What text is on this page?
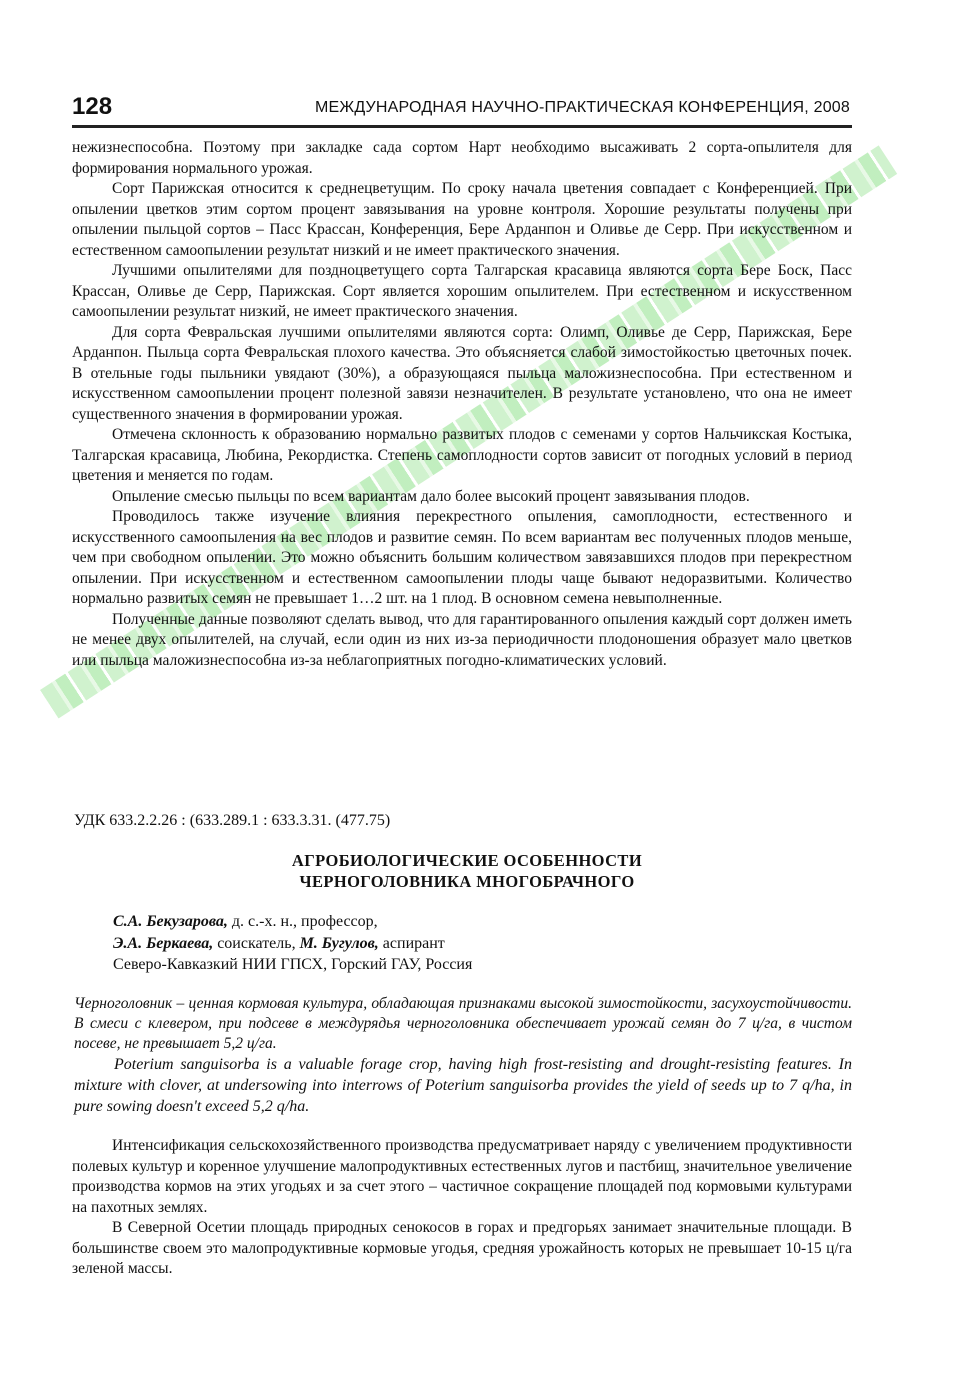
128	МЕЖДУНАРОДНАЯ НАУЧНО-ПРАКТИЧЕСКАЯ КОНФЕРЕНЦИЯ, 2008

нежизнеспособна. Поэтому при закладке сада сортом Нарт необходимо высаживать 2 сорта-опылителя для формирования нормального урожая.

Сорт Парижская относится к среднецветущим. По сроку начала цветения совпадает с Конференцией. При опылении цветков этим сортом процент завязывания на уровне контроля. Хорошие результаты получены при опылении пыльцой сортов – Пасс Крассан, Конференция, Бере Арданпон и Оливье де Серр. При искусственном и естественном самоопылении результат низкий и не имеет практического значения.

Лучшими опылителями для поздноцветущего сорта Талгарская красавица являются сорта Бере Боск, Пасс Крассан, Оливье де Серр, Парижская. Сорт является хорошим опылителем. При естественном и искусственном самоопылении результат низкий, не имеет практического значения.

Для сорта Февральская лучшими опылителями являются сорта: Олимп, Оливье де Серр, Парижская, Бере Арданпон. Пыльца сорта Февральская плохого качества. Это объясняется слабой зимостойкостью цветочных почек. В отельные годы пыльники увядают (30%), а образующаяся пыльца маложизнеспособна. При естественном и искусственном самоопылении процент полезной завязи незначителен. В результате установлено, что она не имеет существенного значения в формировании урожая.

Отмечена склонность к образованию нормально развитых плодов с семенами у сортов Нальчикская Костыка, Талгарская красавица, Любина, Рекордистка. Степень самоплодности сортов зависит от погодных условий в период цветения и меняется по годам.

Опыление смесью пыльцы по всем вариантам дало более высокий процент завязывания плодов.

Проводилось также изучение влияния перекрестного опыления, самоплодности, естественного и искусственного самоопыления на вес плодов и развитие семян. По всем вариантам вес полученных плодов меньше, чем при свободном опылении. Это можно объяснить большим количеством завязавшихся плодов при перекрестном опылении. При искусственном и естественном самоопылении плоды чаще бывают недоразвитыми. Количество нормально развитых семян не превышает 1…2 шт. на 1 плод. В основном семена невыполненные.

Полученные данные позволяют сделать вывод, что для гарантированного опыления каждый сорт должен иметь не менее двух опылителей, на случай, если один из них из-за периодичности плодоношения образует мало цветков или пыльца маложизнеспособна из-за неблагоприятных погодно-климатических условий.

УДК 633.2.2.26 : (633.289.1 : 633.3.31. (477.75)
АГРОБИОЛОГИЧЕСКИЕ ОСОБЕННОСТИ
ЧЕРНОГОЛОВНИКА МНОГОБРАЧНОГО
С.А. Бекузарова, д. с.-х. н., профессор,
Э.А. Беркаева, соискатель, М. Бугулов, аспирант
Северо-Кавказкий НИИ ГПСХ, Горский ГАУ, Россия

Черноголовник – ценная кормовая культура, обладающая признаками высокой зимостойкости, засухоустойчивости. В смеси с клевером, при подсеве в междурядья черноголовника обеспечивает урожай семян до 7 ц/га, в чистом посеве, не превышает 5,2 ц/га.

Poterium sanguisorba is a valuable forage crop, having high frost-resisting and drought-resisting features. In mixture with clover, at undersowing into interrows of Poterium sanguisorba provides the yield of seeds up to 7 q/ha, in pure sowing doesn't exceed 5,2 q/ha.

Интенсификация сельскохозяйственного производства предусматривает наряду с увеличением продуктивности полевых культур и коренное улучшение малопродуктивных естественных лугов и пастбищ, значительное увеличение производства кормов на этих угодьях и за счет этого – частичное сокращение площадей под кормовыми культурами на пахотных землях.

В Северной Осетии площадь природных сенокосов в горах и предгорьях занимает значительные площади. В большинстве своем это малопродуктивные кормовые угодья, средняя урожайность которых не превышает 10-15 ц/га зеленой массы.
